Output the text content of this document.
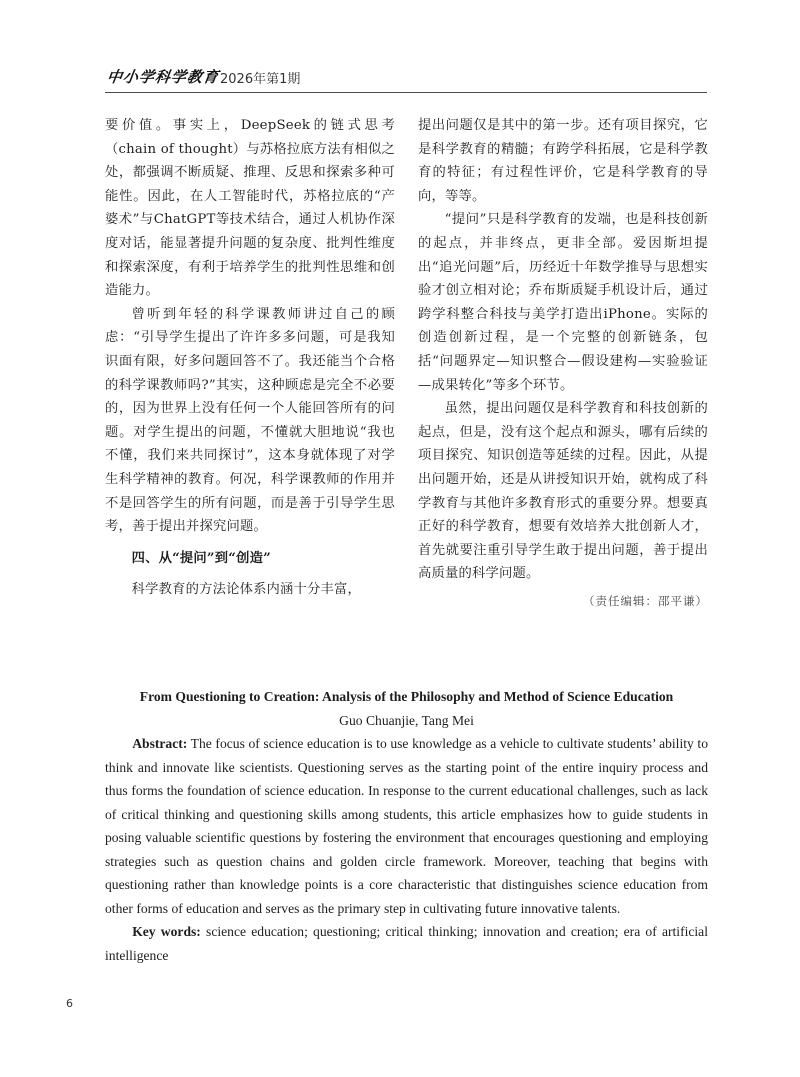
中小学科学教育 2026年第1期

要价值。事实上，DeepSeek的链式思考（chain of thought）与苏格拉底方法有相似之处，都强调不断质疑、推理、反思和探索多种可能性。因此，在人工智能时代，苏格拉底的“产婆术”与ChatGPT等技术结合，通过人机协作深度对话，能显著提升问题的复杂度、批判性维度和探索深度，有利于培养学生的批判性思维和创造能力。

曾听到年轻的科学课教师讲过自己的顾虑：“引导学生提出了许许多多问题，可是我知识面有限，好多问题回答不了。我还能当个合格的科学课教师吗?”其实，这种顾虑是完全不必要的，因为世界上没有任何一个人能回答所有的问题。对学生提出的问题，不懂就大胆地说“我也不懂，我们来共同探讨”，这本身就体现了对学生科学精神的教育。何况，科学课教师的作用并不是回答学生的所有问题，而是善于引导学生思考，善于提出并探究问题。

四、从“提问”到“创造”

科学教育的方法论体系内涵十分丰富，

提出问题仅是其中的第一步。还有项目探究，它是科学教育的精髓；有跨学科拓展，它是科学教育的特征；有过程性评价，它是科学教育的导向，等等。

“提问”只是科学教育的发端，也是科技创新的起点，并非终点，更非全部。爱因斯坦提出“追光问题”后，历经近十年数学推导与思想实验才创立相对论；乔布斯质疑手机设计后，通过跨学科整合科技与美学打造出iPhone。实际的创造创新过程，是一个完整的创新链条，包括“问题界定—知识整合—假设建构—实验验证—成果转化”等多个环节。

虽然，提出问题仅是科学教育和科技创新的起点，但是，没有这个起点和源头，哪有后续的项目探究、知识创造等延续的过程。因此，从提出问题开始，还是从讲授知识开始，就构成了科学教育与其他许多教育形式的重要分界。想要真正好的科学教育，想要有效培养大批创新人才，首先就要注重引导学生敢于提出问题，善于提出高质量的科学问题。

（责任编辑：邵平谦）
From Questioning to Creation: Analysis of the Philosophy and Method of Science Education
Guo Chuanjie, Tang Mei

Abstract: The focus of science education is to use knowledge as a vehicle to cultivate students’ ability to think and innovate like scientists. Questioning serves as the starting point of the entire inquiry process and thus forms the foundation of science education. In response to the current educational challenges, such as lack of critical thinking and questioning skills among students, this article emphasizes how to guide students in posing valuable scientific questions by fostering the environment that encourages questioning and employing strategies such as question chains and golden circle framework. Moreover, teaching that begins with questioning rather than knowledge points is a core characteristic that distinguishes science education from other forms of education and serves as the primary step in cultivating future innovative talents.

Key words: science education; questioning; critical thinking; innovation and creation; era of artificial intelligence

6
